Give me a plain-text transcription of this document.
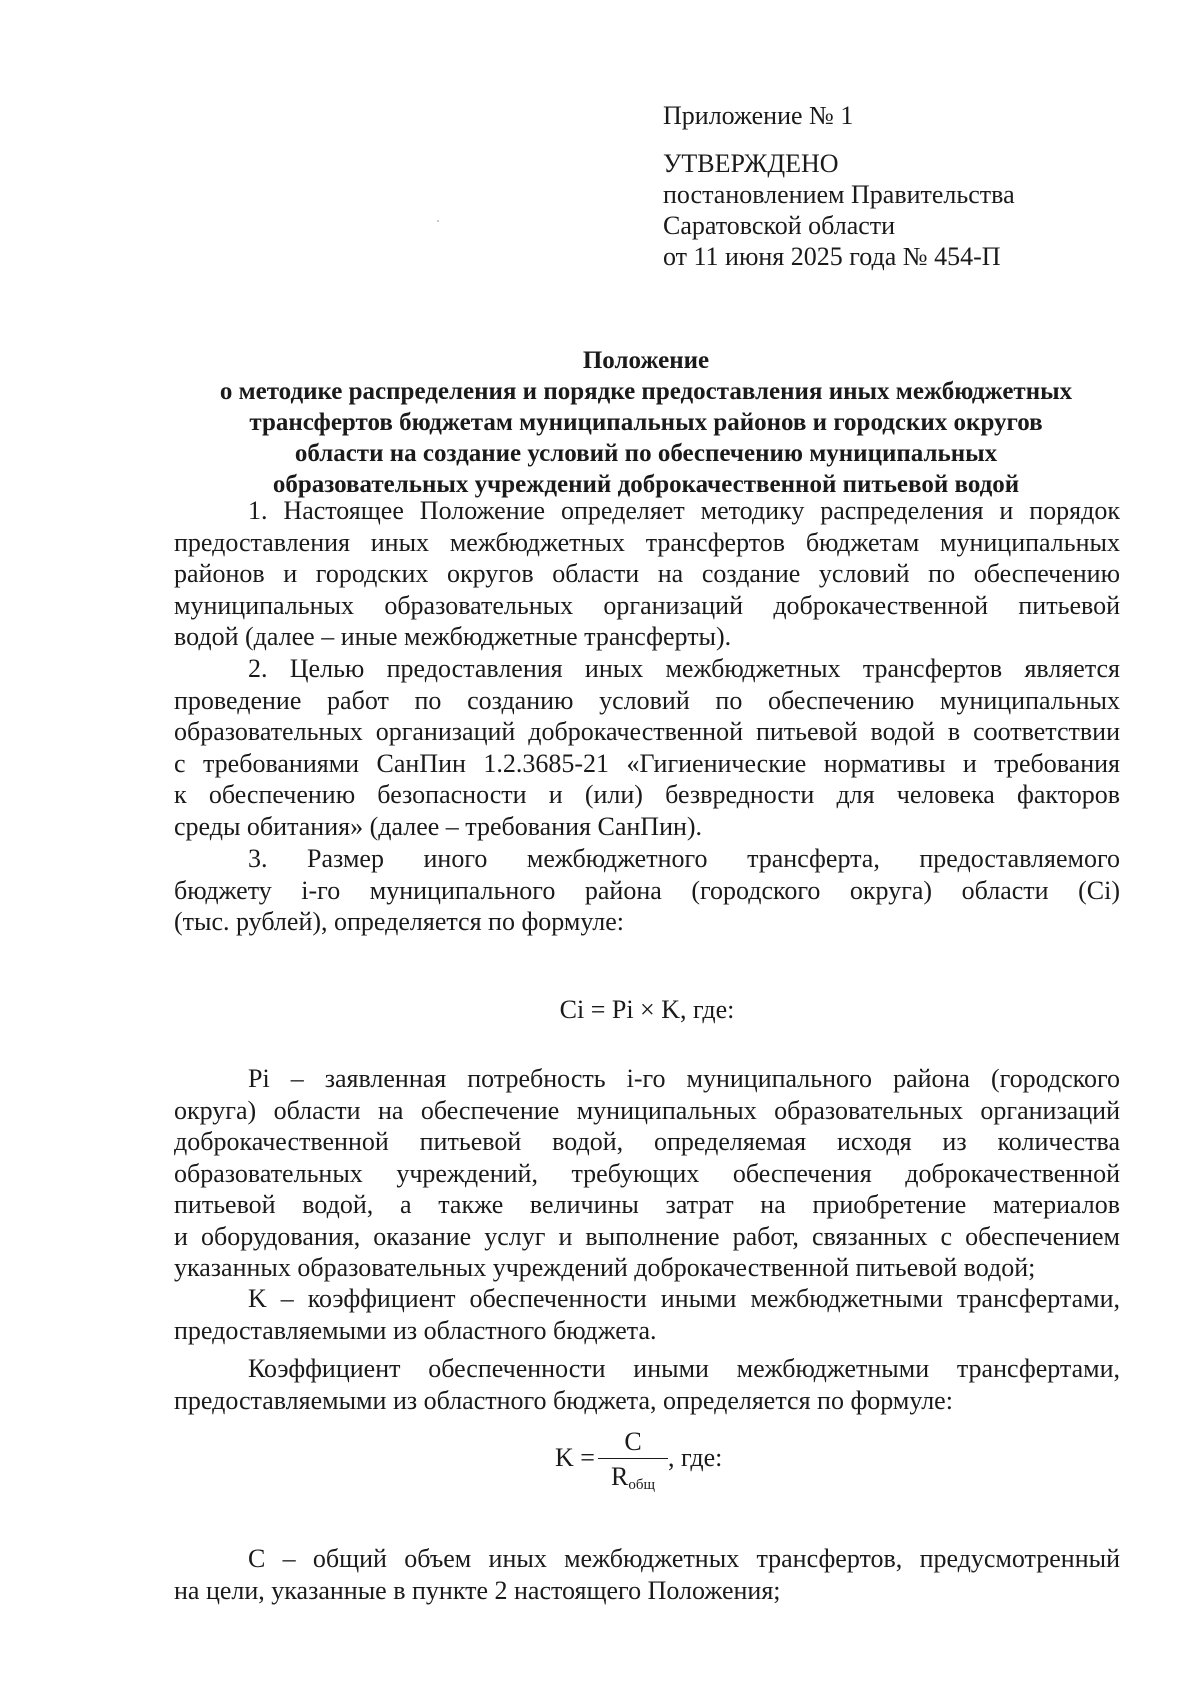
Приложение № 1
УТВЕРЖДЕНО
постановлением Правительства
Саратовской области
от 11 июня 2025 года № 454-П
Положение
о методике распределения и порядке предоставления иных межбюджетных
трансфертов бюджетам муниципальных районов и городских округов
области на создание условий по обеспечению муниципальных
образовательных учреждений доброкачественной питьевой водой
1. Настоящее Положение определяет методику распределения и порядок
предоставления иных межбюджетных трансфертов бюджетам муниципальных
районов и городских округов области на создание условий по обеспечению
муниципальных образовательных организаций доброкачественной питьевой
водой (далее – иные межбюджетные трансферты).
2. Целью предоставления иных межбюджетных трансфертов является
проведение работ по созданию условий по обеспечению муниципальных
образовательных организаций доброкачественной питьевой водой в соответствии
с требованиями СанПин 1.2.3685-21 «Гигиенические нормативы и требования
к обеспечению безопасности и (или) безвредности для человека факторов
среды обитания» (далее – требования СанПин).
3. Размер иного межбюджетного трансферта, предоставляемого
бюджету i-го муниципального района (городского округа) области (Ci)
(тыс. рублей), определяется по формуле:
Ci = Pi × K, где:
Pi – заявленная потребность i-го муниципального района (городского
округа) области на обеспечение муниципальных образовательных организаций
доброкачественной питьевой водой, определяемая исходя из количества
образовательных учреждений, требующих обеспечения доброкачественной
питьевой водой, а также величины затрат на приобретение материалов
и оборудования, оказание услуг и выполнение работ, связанных с обеспечением
указанных образовательных учреждений доброкачественной питьевой водой;
K – коэффициент обеспеченности иными межбюджетными трансфертами,
предоставляемыми из областного бюджета.
Коэффициент обеспеченности иными межбюджетными трансфертами,
предоставляемыми из областного бюджета, определяется по формуле:
K =
C
$R_{общ}$
, где:
C – общий объем иных межбюджетных трансфертов, предусмотренный
на цели, указанные в пункте 2 настоящего Положения;
